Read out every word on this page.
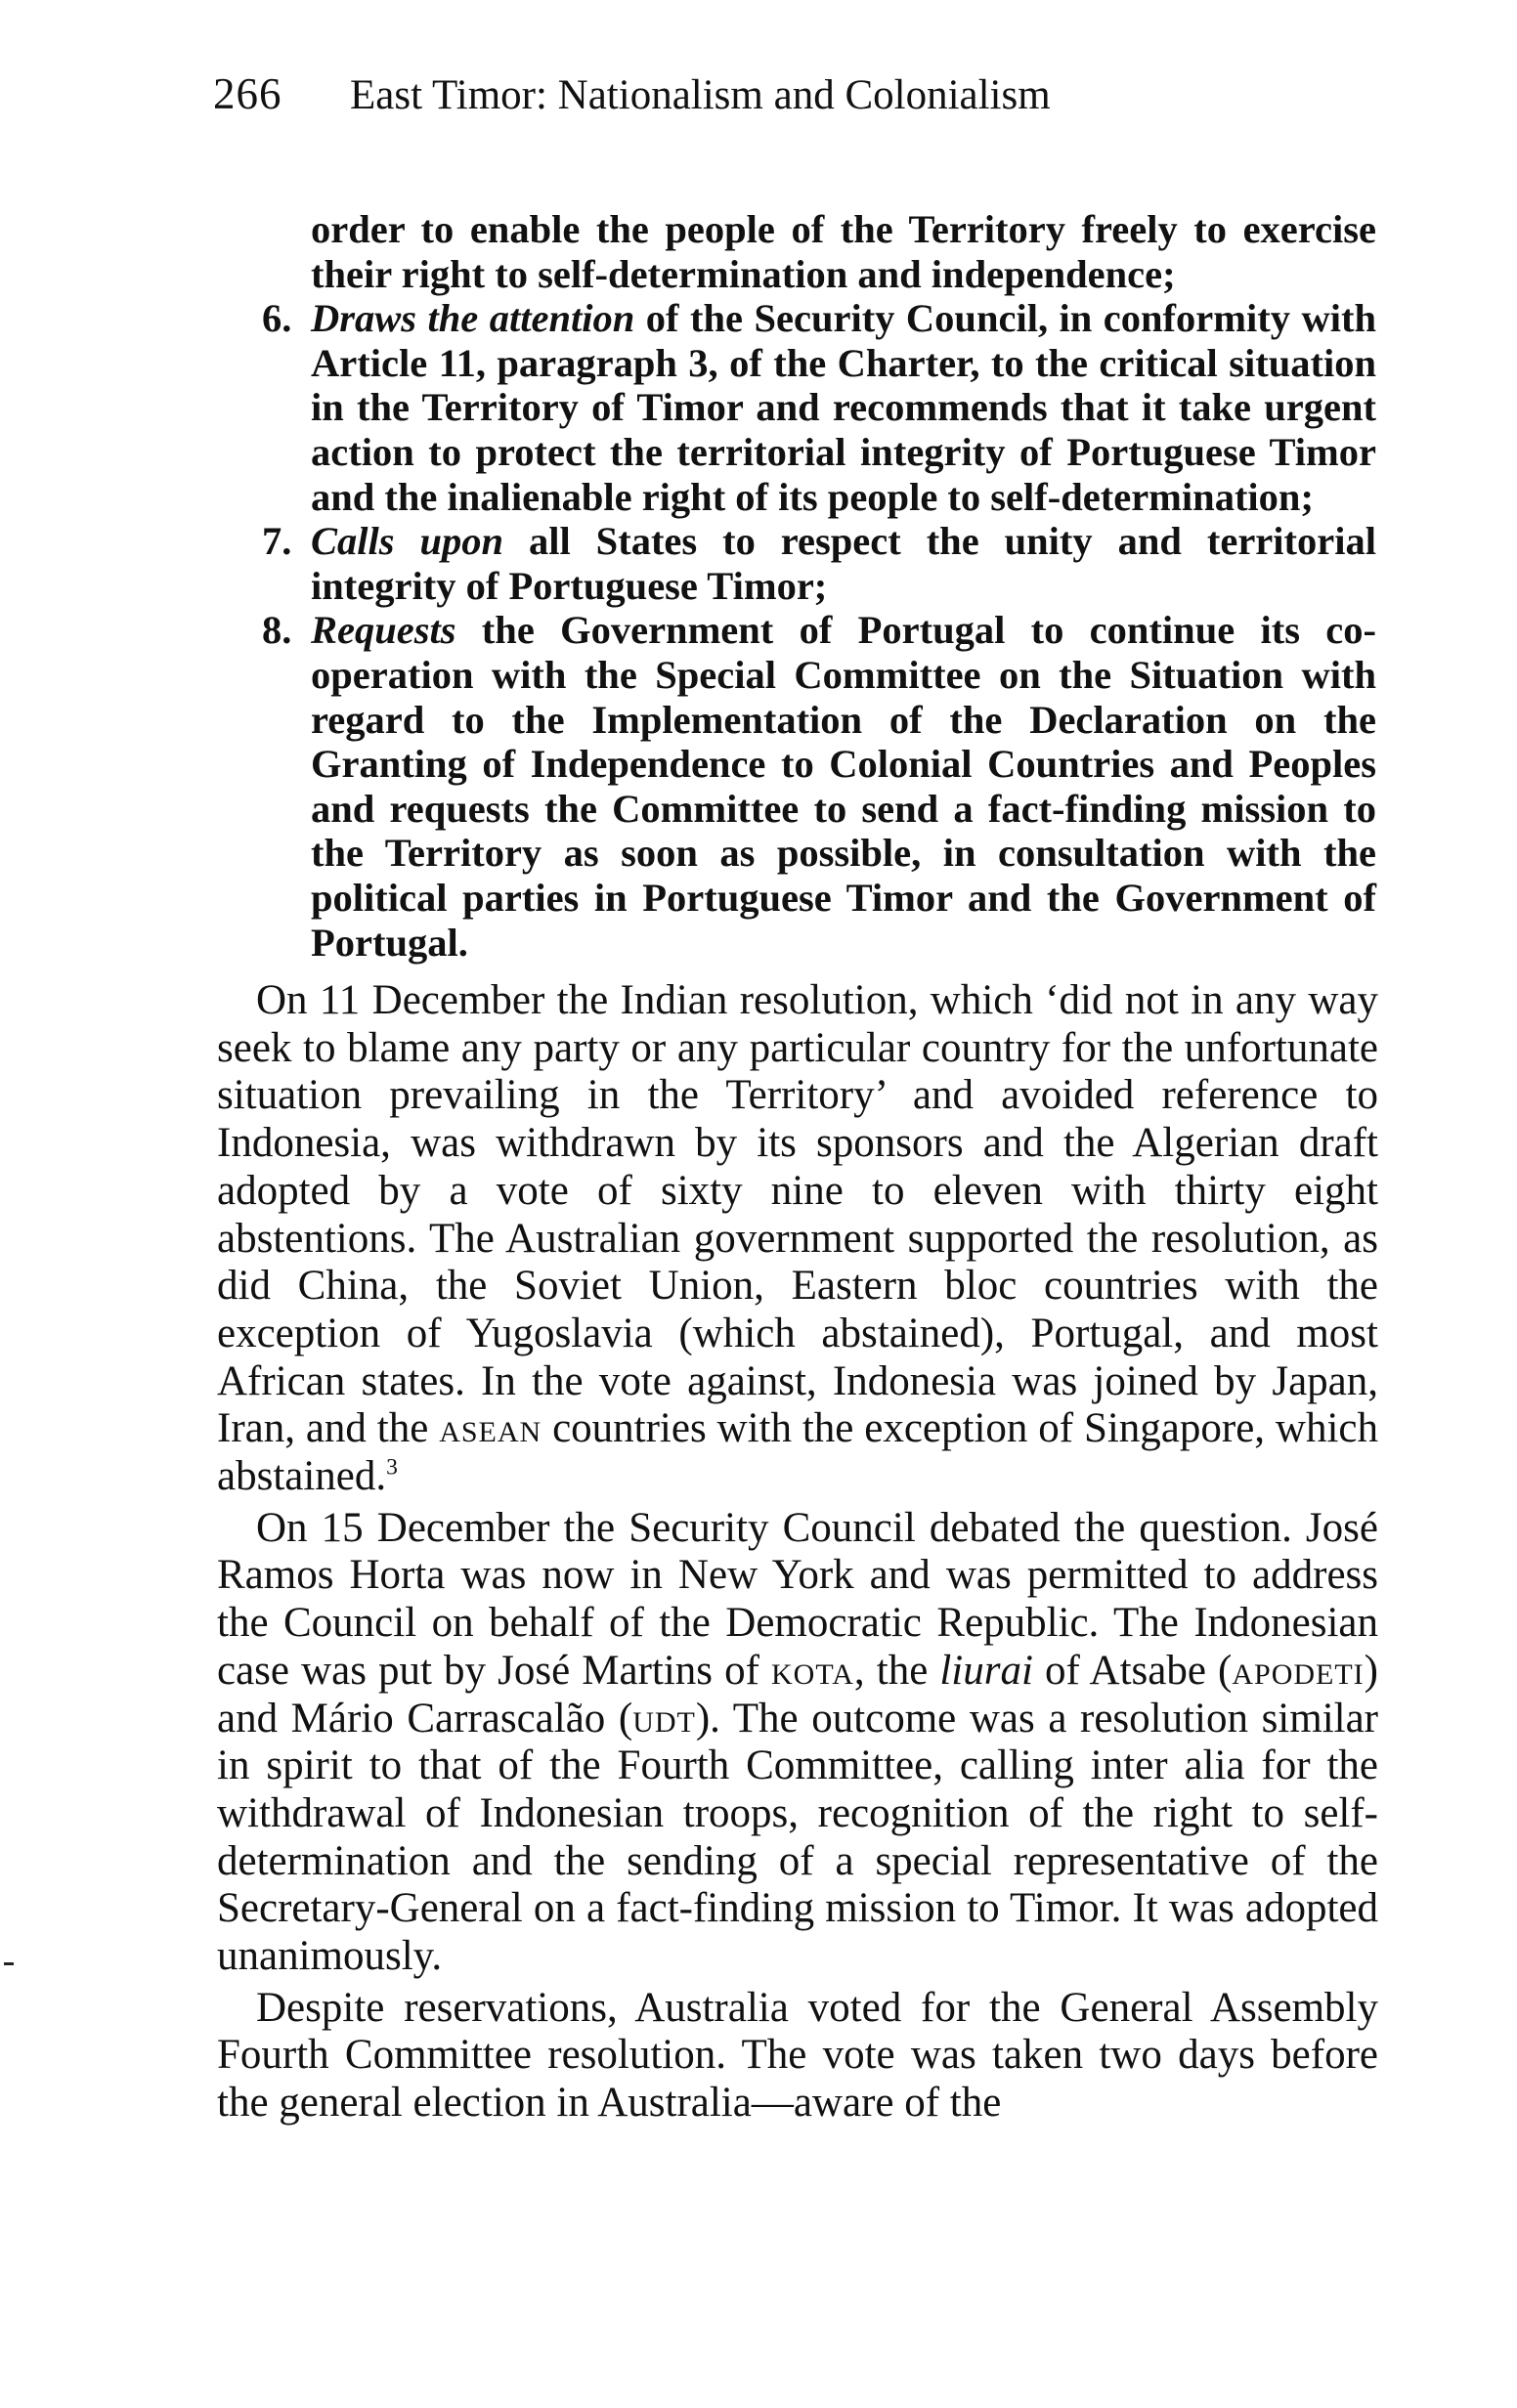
266	East Timor: Nationalism and Colonialism

order to enable the people of the Territory freely to exercise their right to self-determination and independence;

6. Draws the attention of the Security Council, in conformity with Article 11, paragraph 3, of the Charter, to the critical situation in the Territory of Timor and recommends that it take urgent action to protect the territorial integrity of Portuguese Timor and the inalienable right of its people to self-determination;

7. Calls upon all States to respect the unity and territorial integrity of Portuguese Timor;

8. Requests the Government of Portugal to continue its co-operation with the Special Committee on the Situation with regard to the Implementation of the Declaration on the Granting of Independence to Colonial Countries and Peoples and requests the Committee to send a fact-finding mission to the Territory as soon as possible, in consultation with the political parties in Portuguese Timor and the Government of Portugal.

On 11 December the Indian resolution, which ‘did not in any way seek to blame any party or any particular country for the unfortunate situation prevailing in the Territory’ and avoided reference to Indonesia, was withdrawn by its sponsors and the Algerian draft adopted by a vote of sixty nine to eleven with thirty eight abstentions. The Australian government supported the resolution, as did China, the Soviet Union, Eastern bloc countries with the exception of Yugoslavia (which abstained), Portugal, and most African states. In the vote against, Indonesia was joined by Japan, Iran, and the asean countries with the exception of Singapore, which abstained.$^3$

On 15 December the Security Council debated the question. José Ramos Horta was now in New York and was permitted to address the Council on behalf of the Democratic Republic. The Indonesian case was put by José Martins of kota, the liurai of Atsabe (apodeti) and Mário Carrascalão (udt). The outcome was a resolution similar in spirit to that of the Fourth Committee, calling inter alia for the withdrawal of Indonesian troops, recognition of the right to self-determination and the sending of a special representative of the Secretary-General on a fact-finding mission to Timor. It was adopted unanimously.

Despite reservations, Australia voted for the General Assembly Fourth Committee resolution. The vote was taken two days before the general election in Australia—aware of the
